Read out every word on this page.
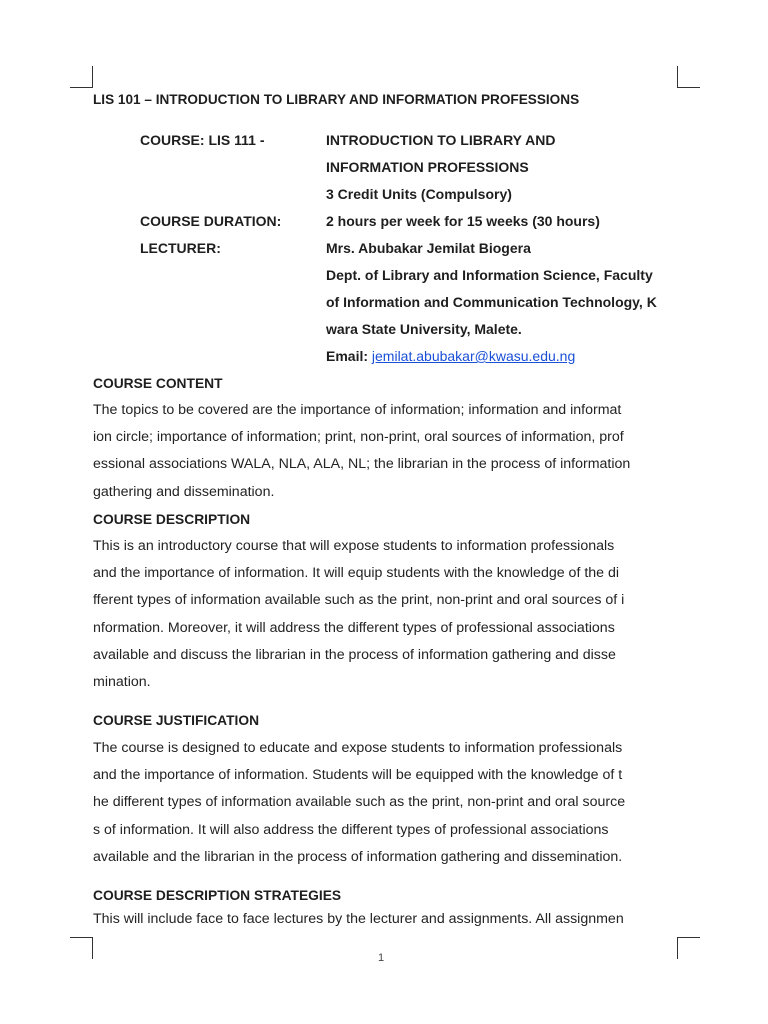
LIS 101 – INTRODUCTION TO LIBRARY AND INFORMATION PROFESSIONS
COURSE: LIS 111 -	INTRODUCTION TO LIBRARY AND
INFORMATION PROFESSIONS
3 Credit Units (Compulsory)
COURSE DURATION:	2 hours per week for 15 weeks (30 hours)
LECTURER:	Mrs. Abubakar Jemilat Biogera
Dept. of Library and Information Science, Faculty
of Information and Communication Technology, K
wara State University, Malete.
Email: jemilat.abubakar@kwasu.edu.ng
COURSE CONTENT
The topics to be covered are the importance of information; information and informat
ion circle; importance of information; print, non-print, oral sources of information, prof
essional associations WALA, NLA, ALA, NL; the librarian in the process of information
gathering and dissemination.
COURSE DESCRIPTION
This is an introductory course that will expose students to information professionals
and the importance of information. It will equip students with the knowledge of the di
fferent types of information available such as the print, non-print and oral sources of i
nformation. Moreover, it will address the different types of professional associations
available and discuss the librarian in the process of information gathering and disse
mination.
COURSE JUSTIFICATION
The course is designed to educate and expose students to information professionals
and the importance of information. Students will be equipped with the knowledge of t
he different types of information available such as the print, non-print and oral source
s of information. It will also address the different types of professional associations
available and the librarian in the process of information gathering and dissemination.
COURSE DESCRIPTION STRATEGIES
This will include face to face lectures by the lecturer and assignments. All assignmen
1
